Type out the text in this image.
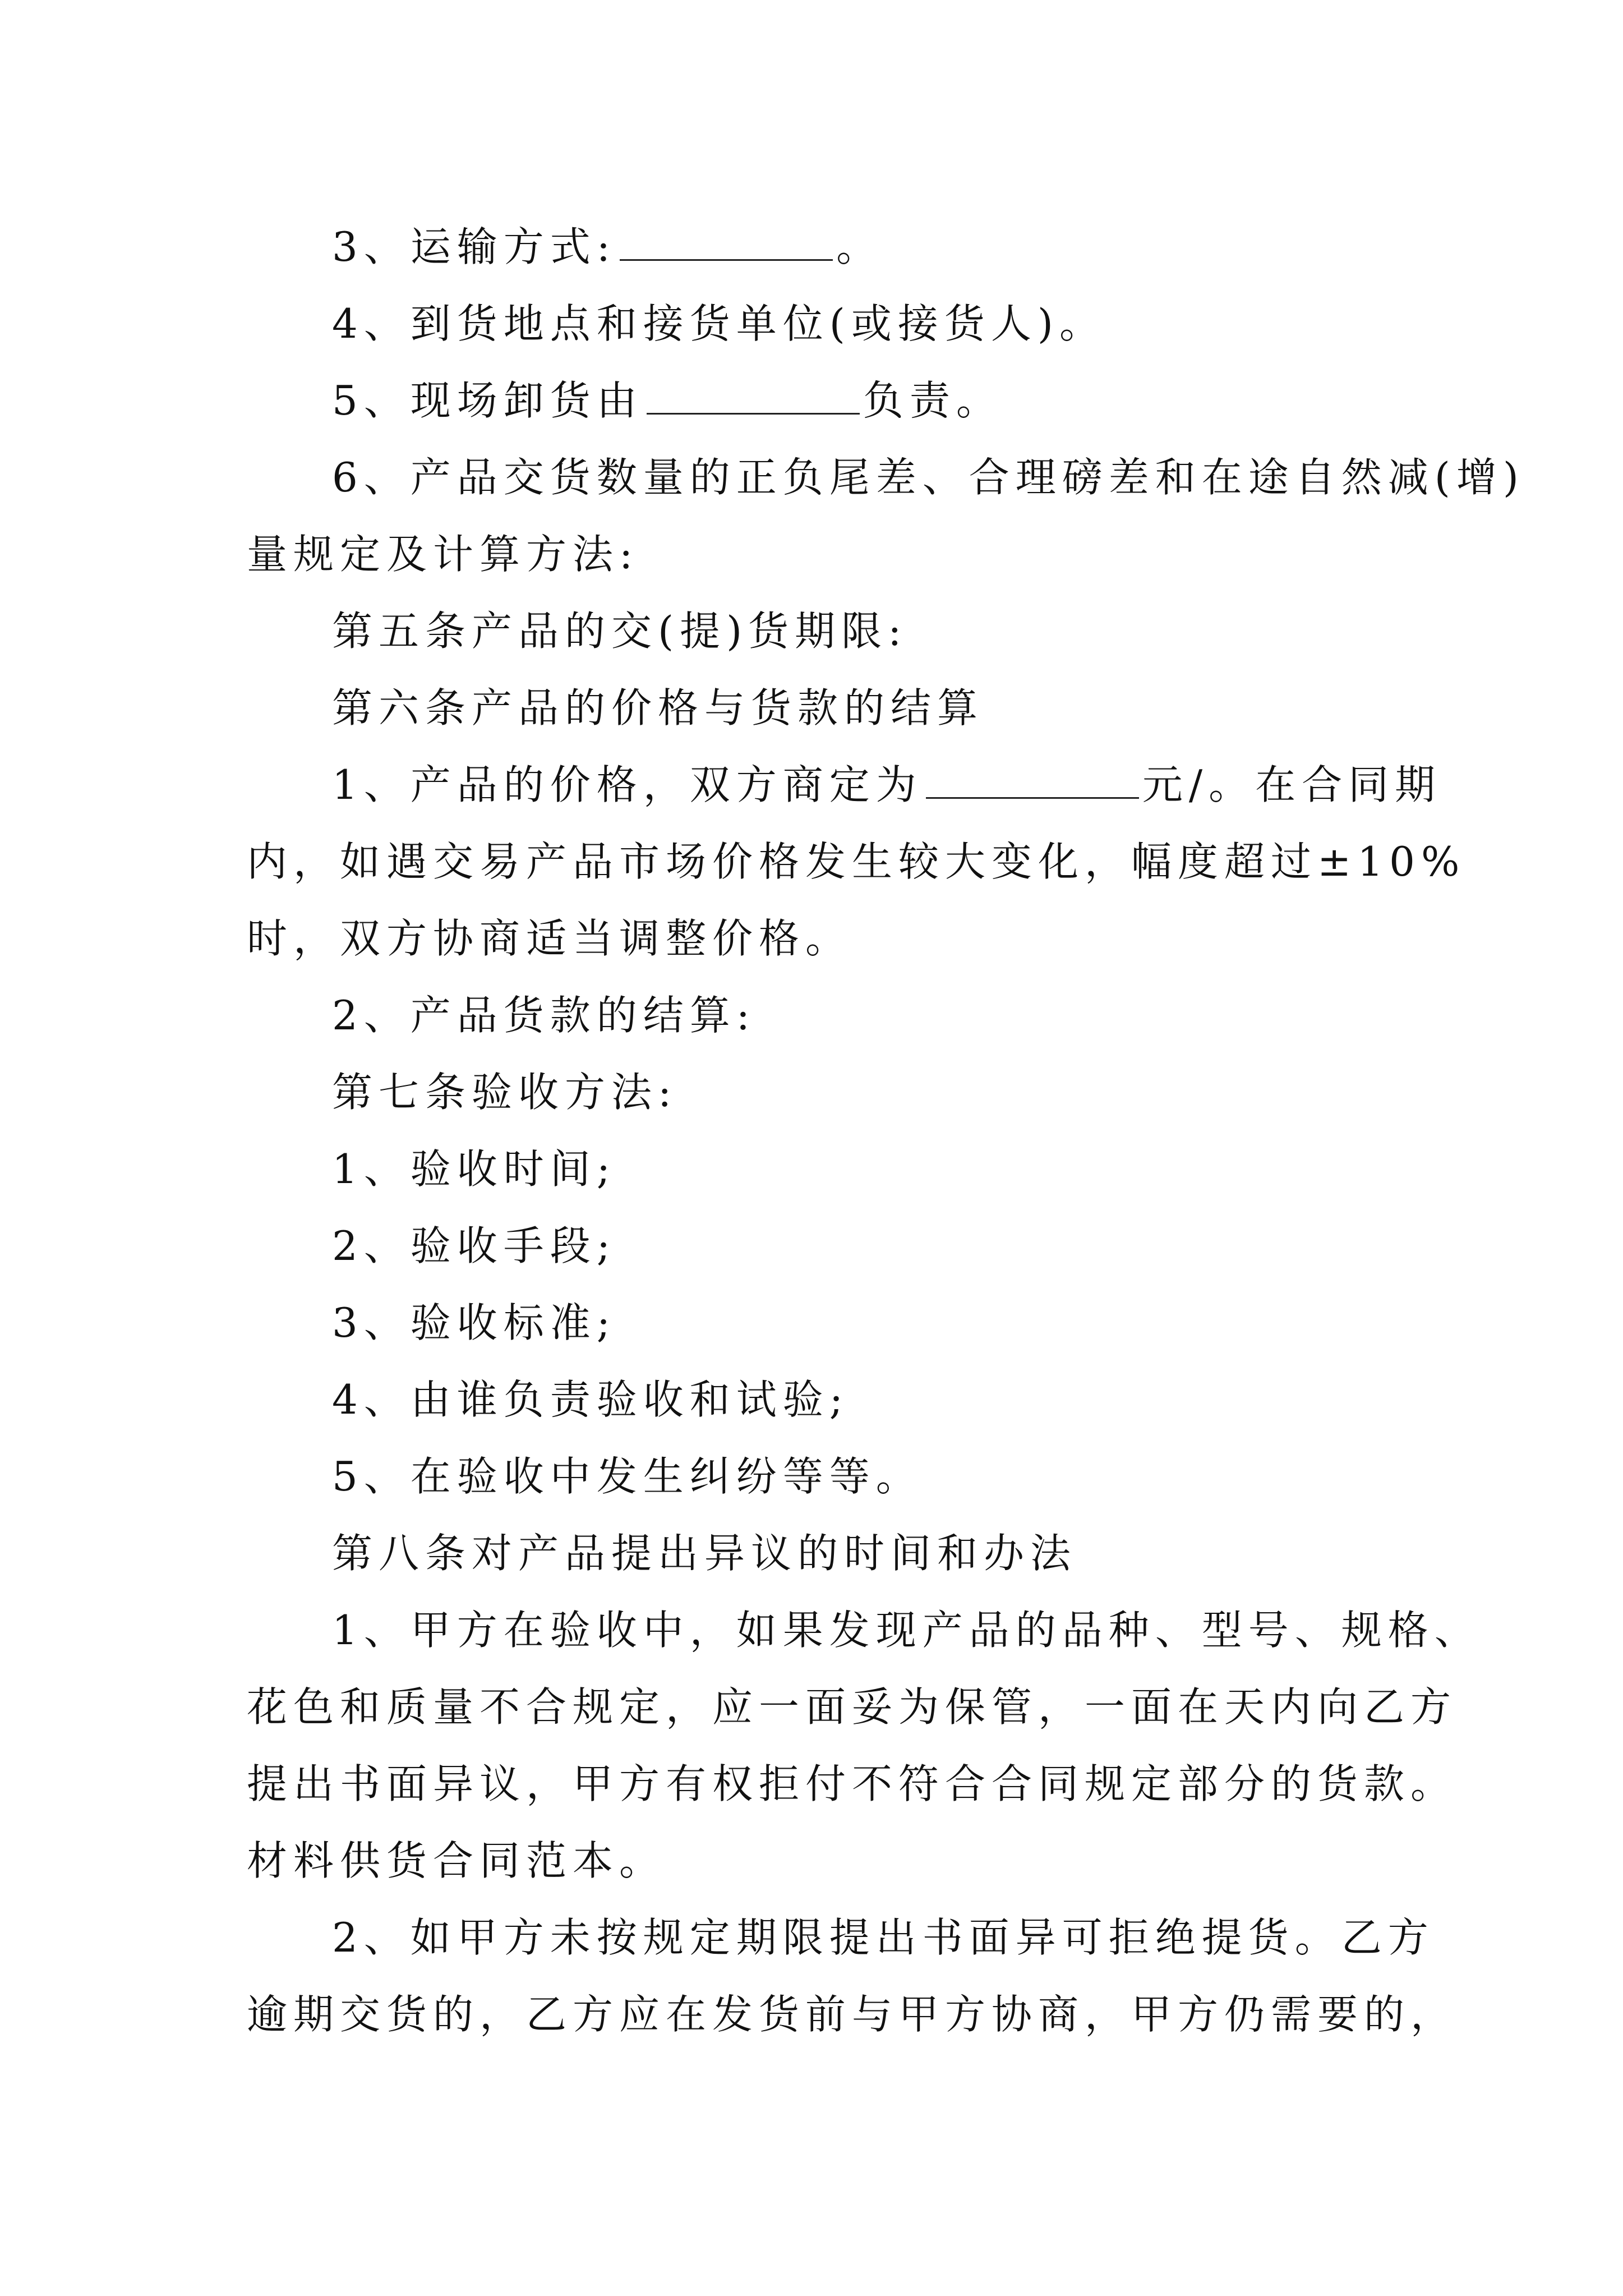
3、运输方式:	。
4、到货地点和接货单位(或接货人)。
5、现场卸货由	负责。
6、产品交货数量的正负尾差、合理磅差和在途自然减(增)
量规定及计算方法:
第五条产品的交(提)货期限:
第六条产品的价格与货款的结算
1、产品的价格，双方商定为	元/。在合同期
内，如遇交易产品市场价格发生较大变化，幅度超过±10%
时，双方协商适当调整价格。
2、产品货款的结算:
第七条验收方法:
1、验收时间;
2、验收手段;
3、验收标准;
4、由谁负责验收和试验;
5、在验收中发生纠纷等等。
第八条对产品提出异议的时间和办法
1、甲方在验收中，如果发现产品的品种、型号、规格、
花色和质量不合规定，应一面妥为保管，一面在天内向乙方
提出书面异议，甲方有权拒付不符合合同规定部分的货款。
材料供货合同范本。
2、如甲方未按规定期限提出书面异可拒绝提货。乙方
逾期交货的，乙方应在发货前与甲方协商，甲方仍需要的，
